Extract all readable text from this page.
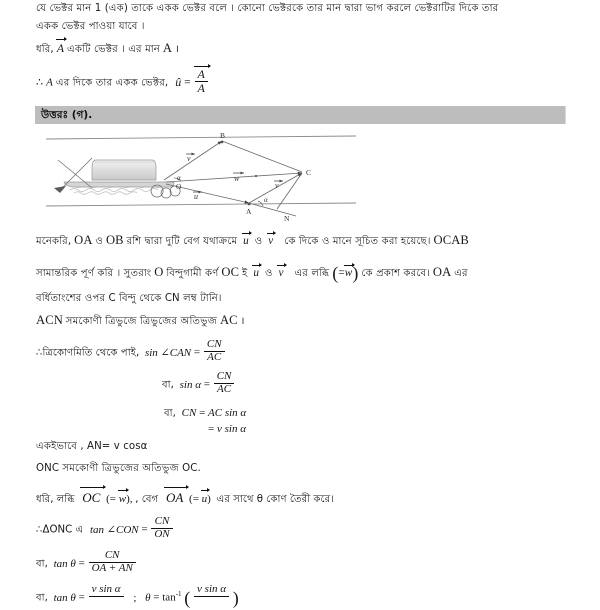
যে ভেক্টর মান 1 (এক) তাকে একক ভেক্টর বলে । কোনো ভেক্টরকে তার মান দ্বারা ভাগ করলে ভেক্টরাটির দিকে তার
একক ভেক্টর পাওয়া যাবে ।
ধরি, A একটি ভেক্টর । এর মান A ।
∴ A এর দিকে তার একক ভেক্টর, û = $\frac{A}{A}$
উত্তরঃ (গ).
B
C
O
A
N
α
α
v
w
u
v
মনেকরি, OA ও OB রশি দ্বারা দুটি বেগ যথাক্রমে u ও v কে দিকে ও মানে সূচিত করা হয়েছে। OCAB
সামান্তরিক পূর্ণ করি । সুতরাং O বিন্দুগামী কর্ণ OC ই u ও v এর লব্ধি (=w) কে প্রকাশ করবে। OA এর
বর্ধিতাংশের ওপর C বিন্দু থেকে CN লম্ব টানি।
ACN সমকোণী ত্রিভুজে ত্রিভুজের অতিভুজ AC ।
∴ত্রিকোণমিতি থেকে পাই, sin ∠CAN = $\frac{CN}{AC}$
বা, $\sin \alpha = \frac{CN}{AC}$
বা, CN = AC sin α
= v sin α
একইভাবে , AN= v cosα
ONC সমকোণী ত্রিভুজের অতিভুজ OC.
ধরি, লব্ধি OC (= w), , বেগ OA (= u) এর সাথে θ কোণ তৈরী করে।
∴ΔONC এ tan ∠CON = $\frac{CN}{ON}$
বা, $\tan \theta = \frac{CN}{OA + AN}$
বা, tan θ =
v sin α

; $\theta = \tan^{-1}$ ( v sin α
)
